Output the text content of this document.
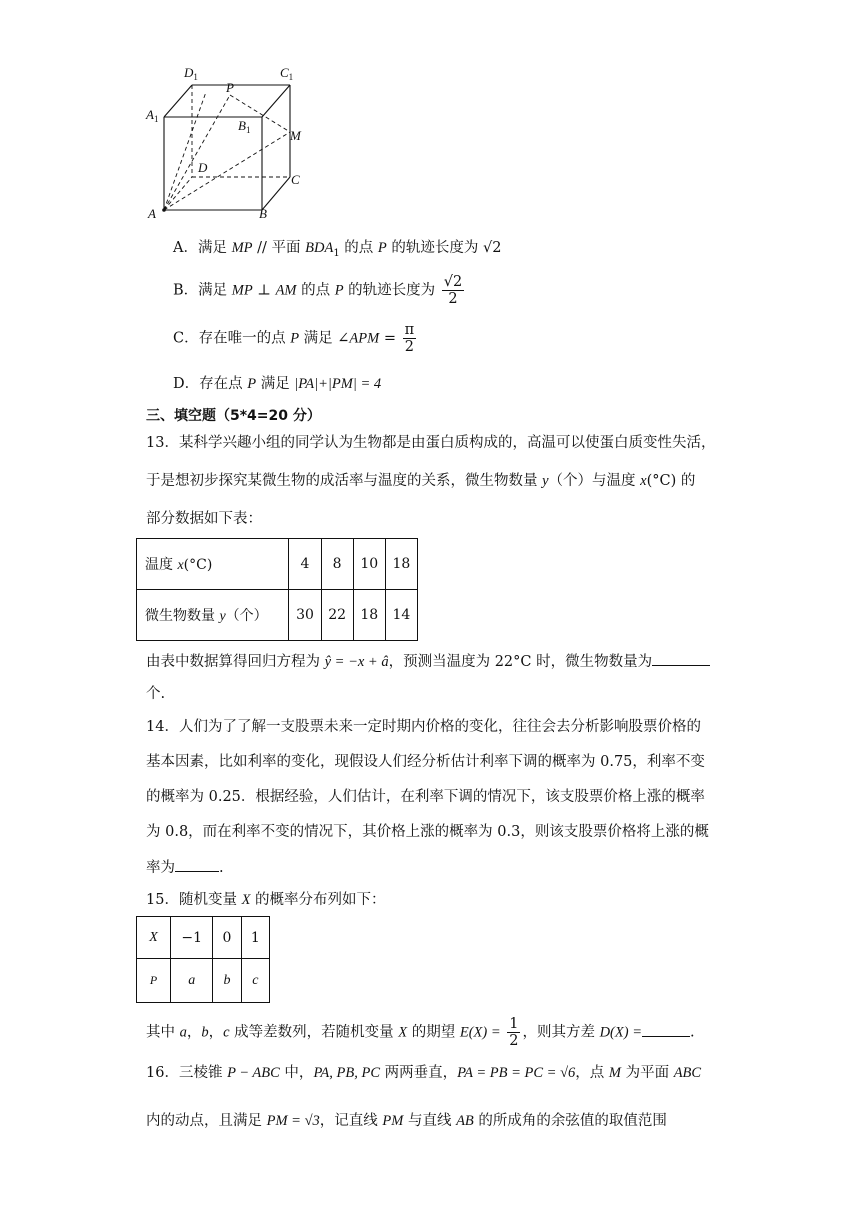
$D_1$	$C_1$
P
$A_1$	$B_1$	M
D
C
A	B
A．满足 MP // 平面 $BDA_1$ 的点 P 的轨迹长度为 √2
B．满足 MP ⊥ AM 的点 P 的轨迹长度为 $\frac{√2}{2}$
C．存在唯一的点 P 满足 ∠APM = $\frac{\pi}{2}$
D．存在点 P 满足 |PA|+|PM| = 4
三、填空题（5*4=20 分）
13．某科学兴趣小组的同学认为生物都是由蛋白质构成的，高温可以使蛋白质变性失活，
于是想初步探究某微生物的成活率与温度的关系，微生物数量 y（个）与温度 x(°C) 的
部分数据如下表：
温度 x(°C)	4	8	10	18
微生物数量 y（个）	30	22	18	14
由表中数据算得回归方程为 ŷ = −x + â，预测当温度为 22°C 时，微生物数量为
个.
14．人们为了了解一支股票未来一定时期内价格的变化，往往会去分析影响股票价格的
基本因素，比如利率的变化，现假设人们经分析估计利率下调的概率为 0.75，利率不变
的概率为 0.25．根据经验，人们估计，在利率下调的情况下，该支股票价格上涨的概率
为 0.8，而在利率不变的情况下，其价格上涨的概率为 0.3，则该支股票价格将上涨的概
率为	.
15．随机变量 X 的概率分布列如下：
X	−1	0	1
P	a	b	c
其中 a，b，c 成等差数列，若随机变量 X 的期望 $E(X) = \frac{1}{2}$ ，则其方差 D(X) =	.
16．三棱锥 P − ABC 中，PA, PB, PC 两两垂直，PA = PB = PC = √6，点 M 为平面 ABC
内的动点，且满足 PM = √3，记直线 PM 与直线 AB 的所成角的余弦值的取值范围
